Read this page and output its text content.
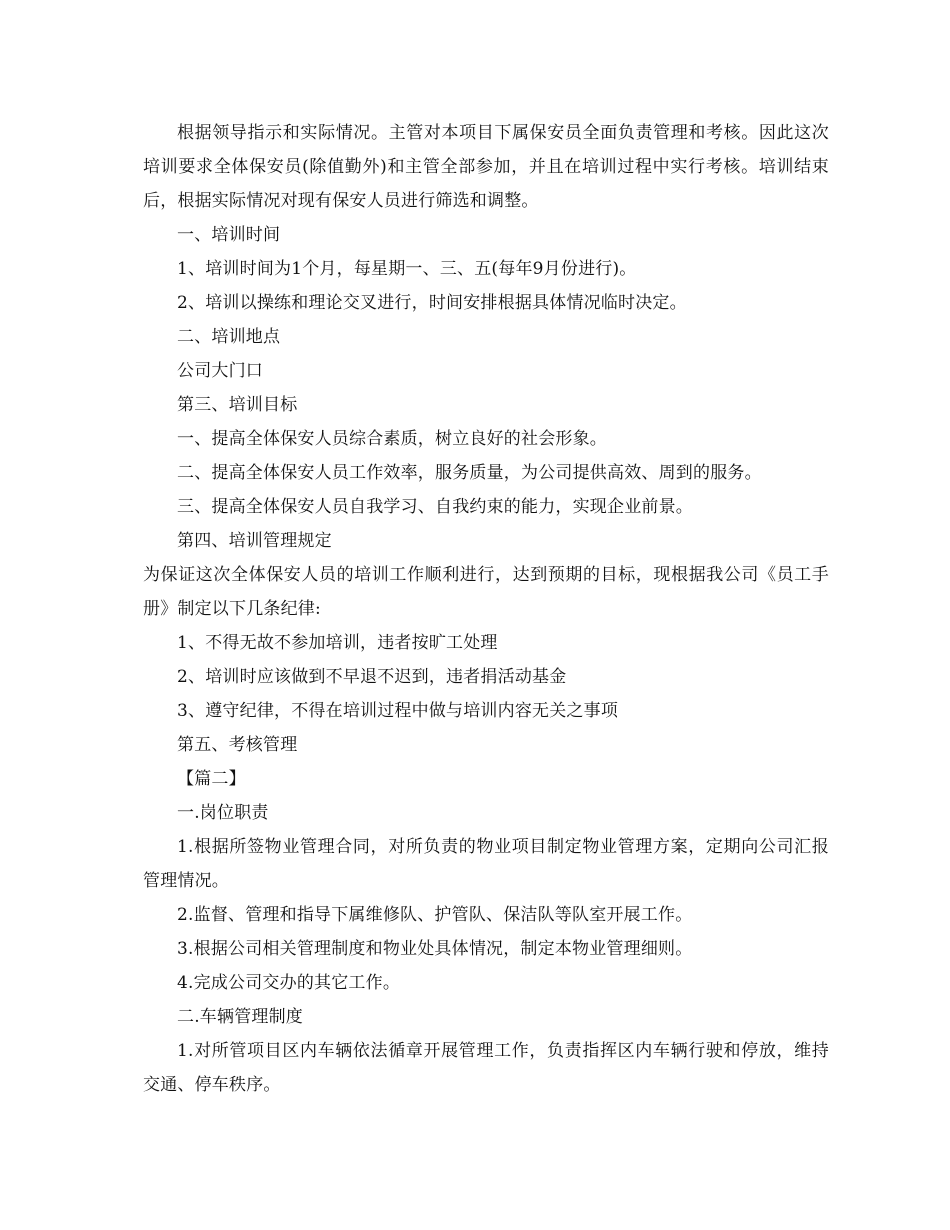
根据领导指示和实际情况。主管对本项目下属保安员全面负责管理和考核。因此这次培训要求全体保安员(除值勤外)和主管全部参加，并且在培训过程中实行考核。培训结束后，根据实际情况对现有保安人员进行筛选和调整。

一、培训时间

1、培训时间为1个月，每星期一、三、五(每年9月份进行)。

2、培训以操练和理论交叉进行，时间安排根据具体情况临时决定。

二、培训地点

公司大门口

第三、培训目标

一、提高全体保安人员综合素质，树立良好的社会形象。

二、提高全体保安人员工作效率，服务质量，为公司提供高效、周到的服务。

三、提高全体保安人员自我学习、自我约束的能力，实现企业前景。

第四、培训管理规定

为保证这次全体保安人员的培训工作顺利进行，达到预期的目标，现根据我公司《员工手册》制定以下几条纪律:

1、不得无故不参加培训，违者按旷工处理

2、培训时应该做到不早退不迟到，违者捐活动基金

3、遵守纪律，不得在培训过程中做与培训内容无关之事项

第五、考核管理

【篇二】

一.岗位职责

1.根据所签物业管理合同，对所负责的物业项目制定物业管理方案，定期向公司汇报管理情况。

2.监督、管理和指导下属维修队、护管队、保洁队等队室开展工作。

3.根据公司相关管理制度和物业处具体情况，制定本物业管理细则。

4.完成公司交办的其它工作。

二.车辆管理制度

1.对所管项目区内车辆依法循章开展管理工作，负责指挥区内车辆行驶和停放，维持交通、停车秩序。
